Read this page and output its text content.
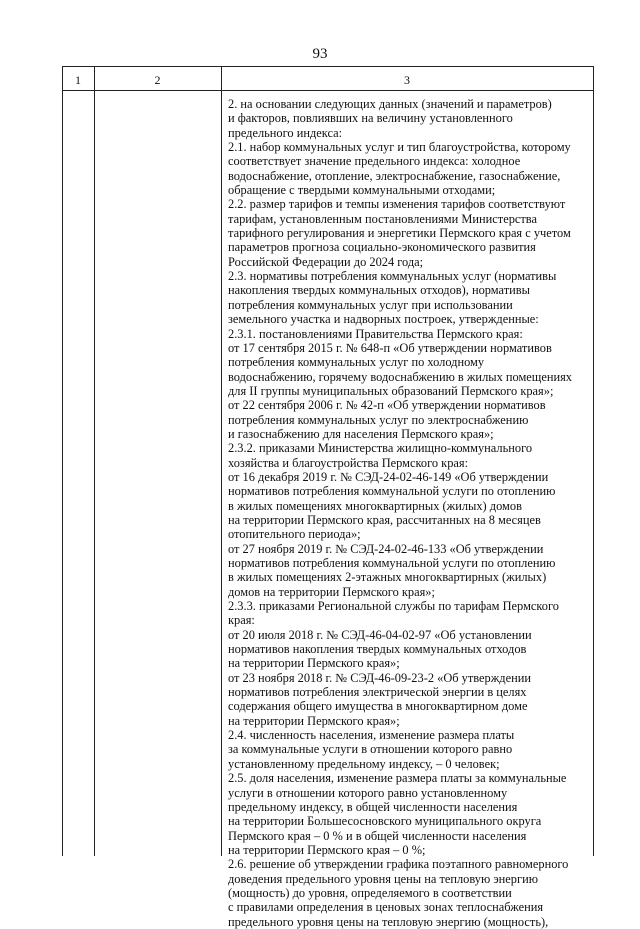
93
1	2	3
2. на основании следующих данных (значений и параметров)
и факторов, повлиявших на величину установленного
предельного индекса:
2.1. набор коммунальных услуг и тип благоустройства, которому
соответствует значение предельного индекса: холодное
водоснабжение, отопление, электроснабжение, газоснабжение,
обращение с твердыми коммунальными отходами;
2.2. размер тарифов и темпы изменения тарифов соответствуют
тарифам, установленным постановлениями Министерства
тарифного регулирования и энергетики Пермского края с учетом
параметров прогноза социально-экономического развития
Российской Федерации до 2024 года;
2.3. нормативы потребления коммунальных услуг (нормативы
накопления твердых коммунальных отходов), нормативы
потребления коммунальных услуг при использовании
земельного участка и надворных построек, утвержденные:
2.3.1. постановлениями Правительства Пермского края:
от 17 сентября 2015 г. № 648-п «Об утверждении нормативов
потребления коммунальных услуг по холодному
водоснабжению, горячему водоснабжению в жилых помещениях
для II группы муниципальных образований Пермского края»;
от 22 сентября 2006 г. № 42-п «Об утверждении нормативов
потребления коммунальных услуг по электроснабжению
и газоснабжению для населения Пермского края»;
2.3.2. приказами Министерства жилищно-коммунального
хозяйства и благоустройства Пермского края:
от 16 декабря 2019 г. № СЭД-24-02-46-149 «Об утверждении
нормативов потребления коммунальной услуги по отоплению
в жилых помещениях многоквартирных (жилых) домов
на территории Пермского края, рассчитанных на 8 месяцев
отопительного периода»;
от 27 ноября 2019 г. № СЭД-24-02-46-133 «Об утверждении
нормативов потребления коммунальной услуги по отоплению
в жилых помещениях 2-этажных многоквартирных (жилых)
домов на территории Пермского края»;
2.3.3. приказами Региональной службы по тарифам Пермского
края:
от 20 июля 2018 г. № СЭД-46-04-02-97 «Об установлении
нормативов накопления твердых коммунальных отходов
на территории Пермского края»;
от 23 ноября 2018 г. № СЭД-46-09-23-2 «Об утверждении
нормативов потребления электрической энергии в целях
содержания общего имущества в многоквартирном доме
на территории Пермского края»;
2.4. численность населения, изменение размера платы
за коммунальные услуги в отношении которого равно
установленному предельному индексу, – 0 человек;
2.5. доля населения, изменение размера платы за коммунальные
услуги в отношении которого равно установленному
предельному индексу, в общей численности населения
на территории Большесосновского муниципального округа
Пермского края – 0 % и в общей численности населения
на территории Пермского края – 0 %;
2.6. решение об утверждении графика поэтапного равномерного
доведения предельного уровня цены на тепловую энергию
(мощность) до уровня, определяемого в соответствии
с правилами определения в ценовых зонах теплоснабжения
предельного уровня цены на тепловую энергию (мощность),
